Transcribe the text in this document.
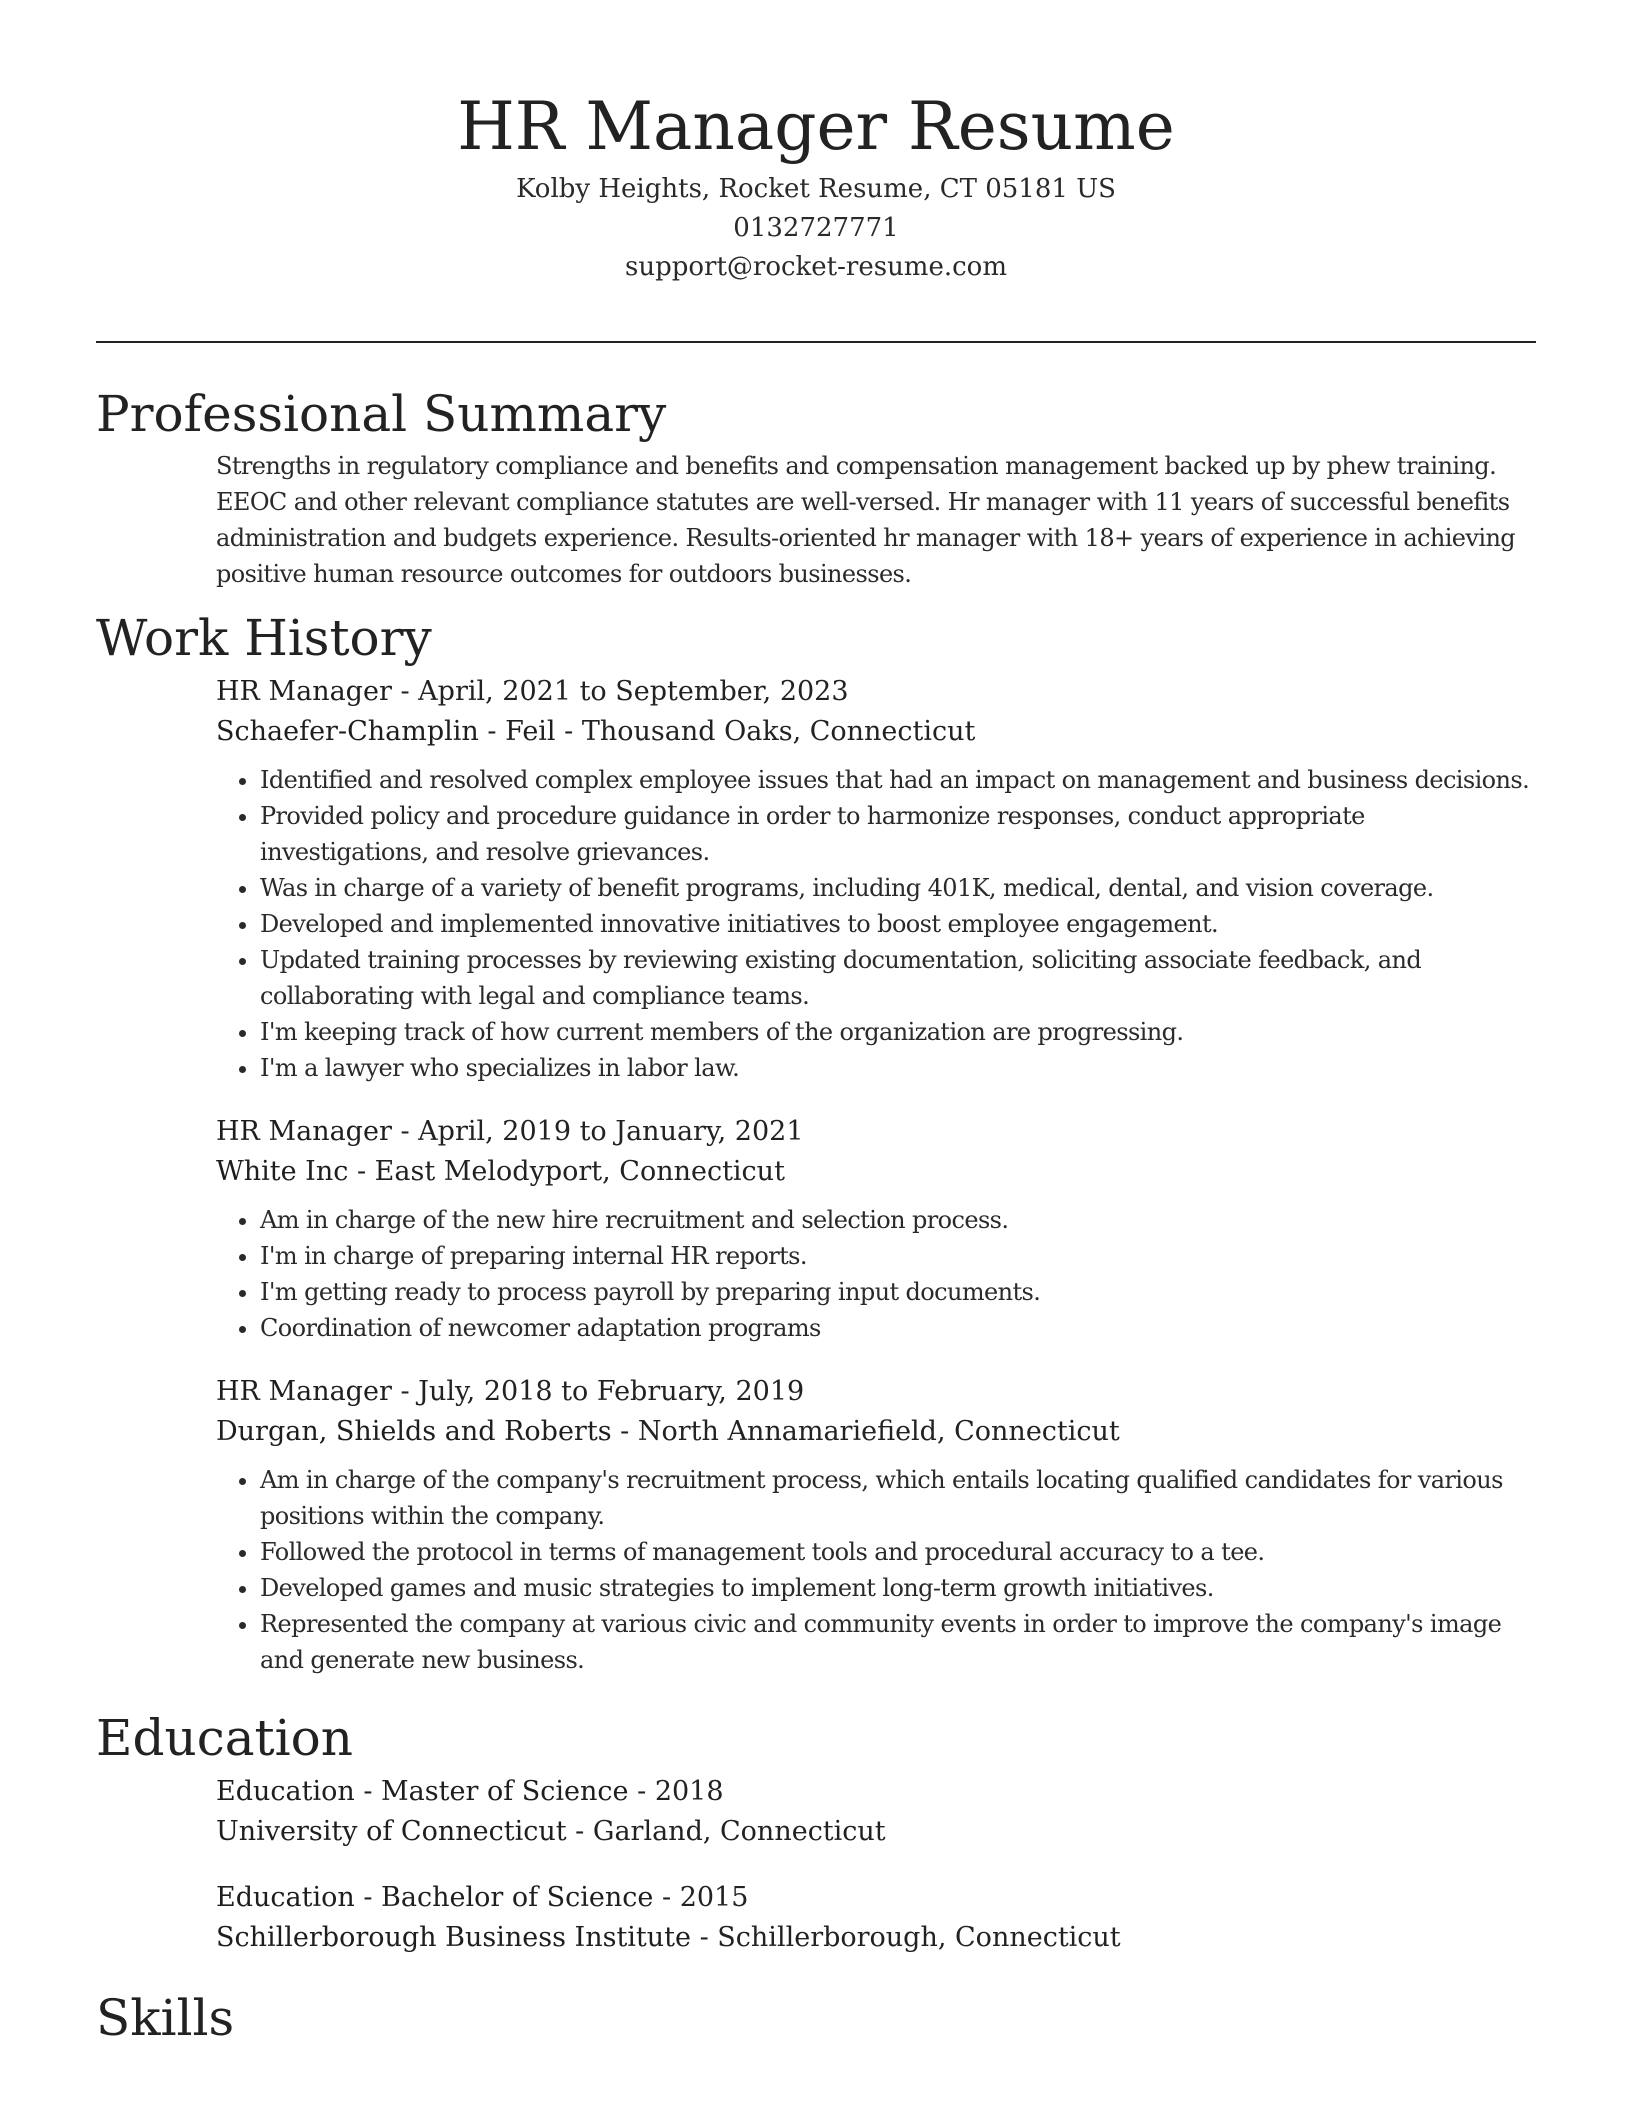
HR Manager Resume
Kolby Heights, Rocket Resume, CT 05181 US
0132727771
support@rocket-resume.com
Professional Summary

Strengths in regulatory compliance and benefits and compensation management backed up by phew training. EEOC and other relevant compliance statutes are well-versed. Hr manager with 11 years of successful benefits administration and budgets experience. Results-oriented hr manager with 18+ years of experience in achieving positive human resource outcomes for outdoors businesses.

Work History
HR Manager - April, 2021 to September, 2023
Schaefer-Champlin - Feil - Thousand Oaks, Connecticut
• Identified and resolved complex employee issues that had an impact on management and business decisions.
• Provided policy and procedure guidance in order to harmonize responses, conduct appropriate investigations, and resolve grievances.
• Was in charge of a variety of benefit programs, including 401K, medical, dental, and vision coverage.
• Developed and implemented innovative initiatives to boost employee engagement.
• Updated training processes by reviewing existing documentation, soliciting associate feedback, and collaborating with legal and compliance teams.
• I'm keeping track of how current members of the organization are progressing.
• I'm a lawyer who specializes in labor law.
HR Manager - April, 2019 to January, 2021
White Inc - East Melodyport, Connecticut
• Am in charge of the new hire recruitment and selection process.
• I'm in charge of preparing internal HR reports.
• I'm getting ready to process payroll by preparing input documents.
• Coordination of newcomer adaptation programs
HR Manager - July, 2018 to February, 2019
Durgan, Shields and Roberts - North Annamariefield, Connecticut
• Am in charge of the company's recruitment process, which entails locating qualified candidates for various positions within the company.
• Followed the protocol in terms of management tools and procedural accuracy to a tee.
• Developed games and music strategies to implement long-term growth initiatives.
• Represented the company at various civic and community events in order to improve the company's image and generate new business.
Education
Education - Master of Science - 2018
University of Connecticut - Garland, Connecticut
Education - Bachelor of Science - 2015
Schillerborough Business Institute - Schillerborough, Connecticut
Skills
